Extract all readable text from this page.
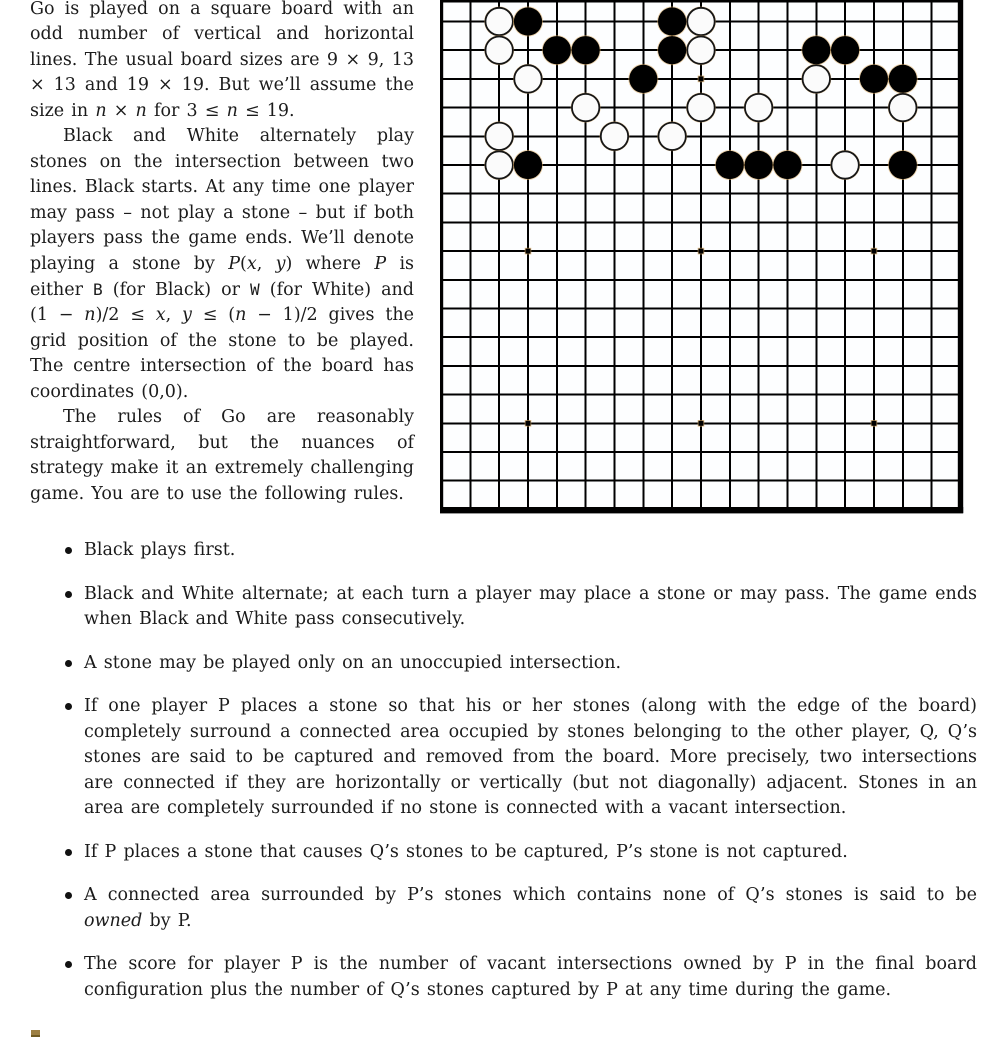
Go is played on a square board with an odd number of vertical and horizontal lines. The usual board sizes are 9 × 9, 13 × 13 and 19 × 19. But we’ll assume the size in n × n for 3 ≤ n ≤ 19.

Black and White alternately play stones on the intersection between two lines. Black starts. At any time one player may pass – not play a stone – but if both players pass the game ends. We’ll denote playing a stone by P(x, y) where P is either B (for Black) or W (for White) and (1 − n)/2 ≤ x, y ≤ (n − 1)/2 gives the grid position of the stone to be played. The centre intersection of the board has coordinates (0,0).

The rules of Go are reasonably straightforward, but the nuances of strategy make it an extremely challenging game. You are to use the following rules.

Black plays first.
Black and White alternate; at each turn a player may place a stone or may pass. The game ends when Black and White pass consecutively.
A stone may be played only on an unoccupied intersection.
If one player P places a stone so that his or her stones (along with the edge of the board) completely surround a connected area occupied by stones belonging to the other player, Q, Q’s stones are said to be captured and removed from the board. More precisely, two intersections are connected if they are horizontally or vertically (but not diagonally) adjacent. Stones in an area are completely surrounded if no stone is connected with a vacant intersection.
If P places a stone that causes Q’s stones to be captured, P’s stone is not captured.
A connected area surrounded by P’s stones which contains none of Q’s stones is said to be owned by P.
The score for player P is the number of vacant intersections owned by P in the final board configuration plus the number of Q’s stones captured by P at any time during the game.
